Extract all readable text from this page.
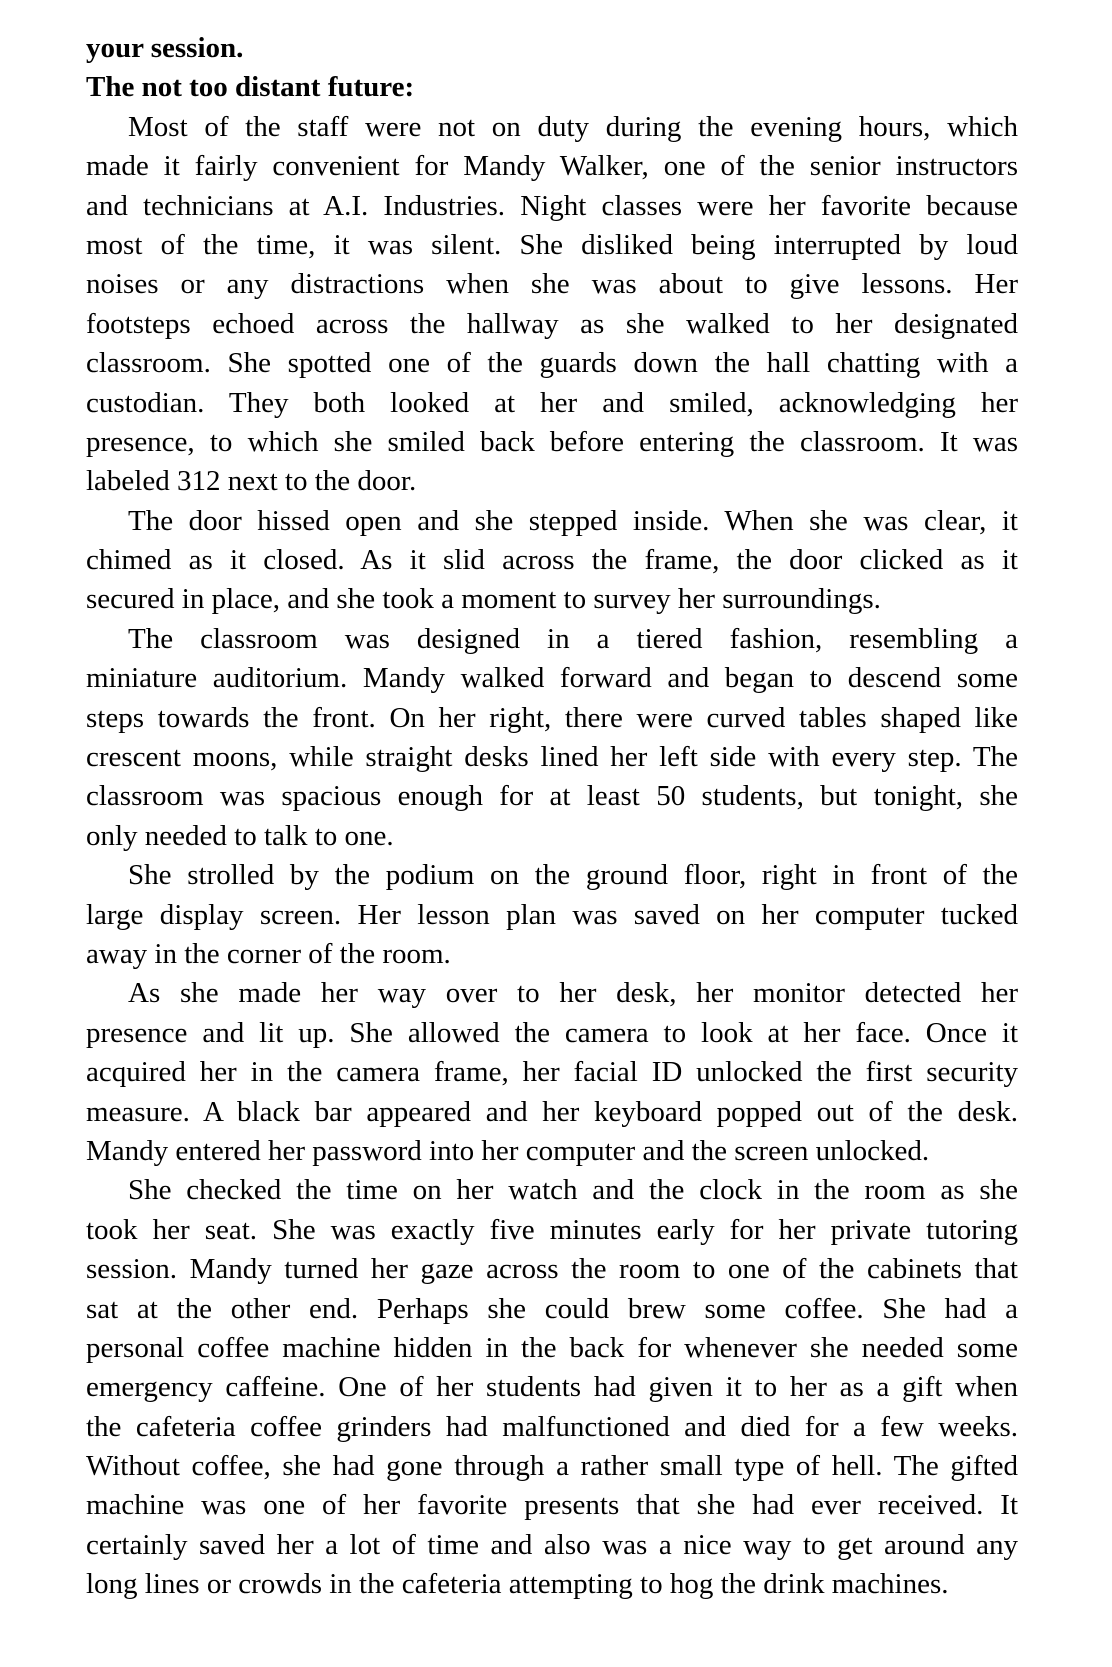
your session.
The not too distant future:
Most of the staff were not on duty during the evening hours, which
made it fairly convenient for Mandy Walker, one of the senior instructors
and technicians at A.I. Industries. Night classes were her favorite because
most of the time, it was silent. She disliked being interrupted by loud
noises or any distractions when she was about to give lessons. Her
footsteps echoed across the hallway as she walked to her designated
classroom. She spotted one of the guards down the hall chatting with a
custodian. They both looked at her and smiled, acknowledging her
presence, to which she smiled back before entering the classroom. It was
labeled 312 next to the door.
The door hissed open and she stepped inside. When she was clear, it
chimed as it closed. As it slid across the frame, the door clicked as it
secured in place, and she took a moment to survey her surroundings.
The classroom was designed in a tiered fashion, resembling a
miniature auditorium. Mandy walked forward and began to descend some
steps towards the front. On her right, there were curved tables shaped like
crescent moons, while straight desks lined her left side with every step. The
classroom was spacious enough for at least 50 students, but tonight, she
only needed to talk to one.
She strolled by the podium on the ground floor, right in front of the
large display screen. Her lesson plan was saved on her computer tucked
away in the corner of the room.
As she made her way over to her desk, her monitor detected her
presence and lit up. She allowed the camera to look at her face. Once it
acquired her in the camera frame, her facial ID unlocked the first security
measure. A black bar appeared and her keyboard popped out of the desk.
Mandy entered her password into her computer and the screen unlocked.
She checked the time on her watch and the clock in the room as she
took her seat. She was exactly five minutes early for her private tutoring
session. Mandy turned her gaze across the room to one of the cabinets that
sat at the other end. Perhaps she could brew some coffee. She had a
personal coffee machine hidden in the back for whenever she needed some
emergency caffeine. One of her students had given it to her as a gift when
the cafeteria coffee grinders had malfunctioned and died for a few weeks.
Without coffee, she had gone through a rather small type of hell. The gifted
machine was one of her favorite presents that she had ever received. It
certainly saved her a lot of time and also was a nice way to get around any
long lines or crowds in the cafeteria attempting to hog the drink machines.
